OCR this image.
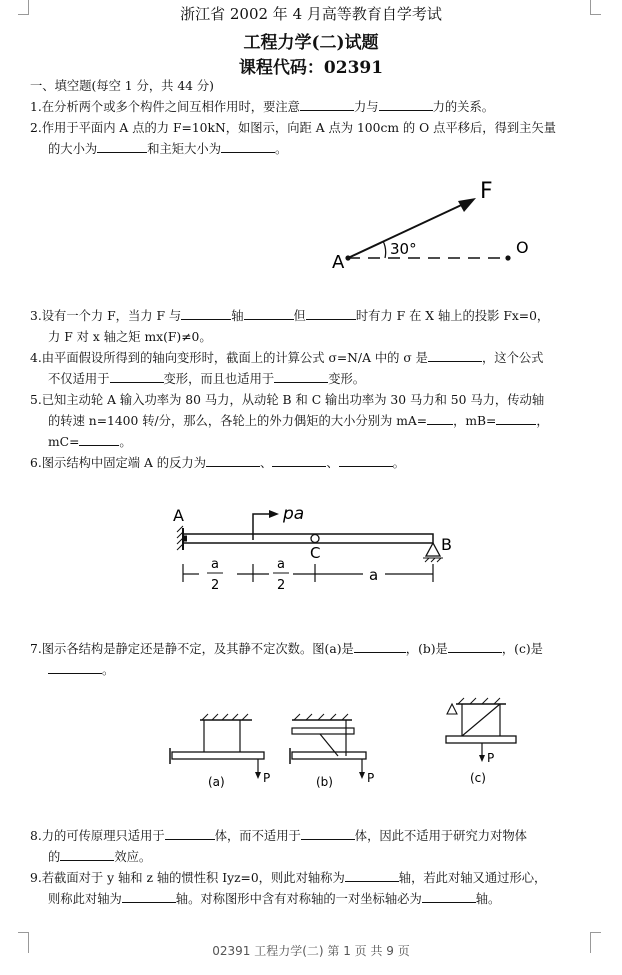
浙江省 2002 年 4 月高等教育自学考试
工程力学(二)试题
课程代码：02391
一、填空题(每空 1 分，共 44 分)
1.在分析两个或多个构件之间互相作用时，要注意	力与	力的关系。
2.作用于平面内 A 点的力 F=10kN，如图示，向距 A 点为 100cm 的 O 点平移后，得到主矢量
的大小为	和主矩大小为	。
F
A
O
30°
3.设有一个力 F，当力 F 与	轴	但	时有力 F 在 X 轴上的投影 Fx=0，
力 F 对 x 轴之矩 mx(F)≠0。
4.由平面假设所得到的轴向变形时，截面上的计算公式 σ=N/A 中的 σ 是	，这个公式
不仅适用于	变形，而且也适用于	变形。
5.已知主动轮 A 输入功率为 80 马力，从动轮 B 和 C 输出功率为 30 马力和 50 马力，传动轴
的转速 n=1400 转/分，那么，各轮上的外力偶矩的大小分别为 mA= ，mB=	，
mC=	。
6.图示结构中固定端 A 的反力为	、	、	。
A
B
C
pa
a
2
a
2
a
7.图示各结构是静定还是静不定，及其静不定次数。图(a)是	，(b)是	，(c)是
。
(a)	P	(b)	P	(c)
P
8.力的可传原理只适用于	体，而不适用于	体，因此不适用于研究力对物体
的	效应。
9.若截面对于 y 轴和 z 轴的惯性积 Iyz=0，则此对轴称为	轴，若此对轴又通过形心，
则称此对轴为	轴。对称图形中含有对称轴的一对坐标轴必为	轴。
02391 工程力学(二) 第 1 页 共 9 页
